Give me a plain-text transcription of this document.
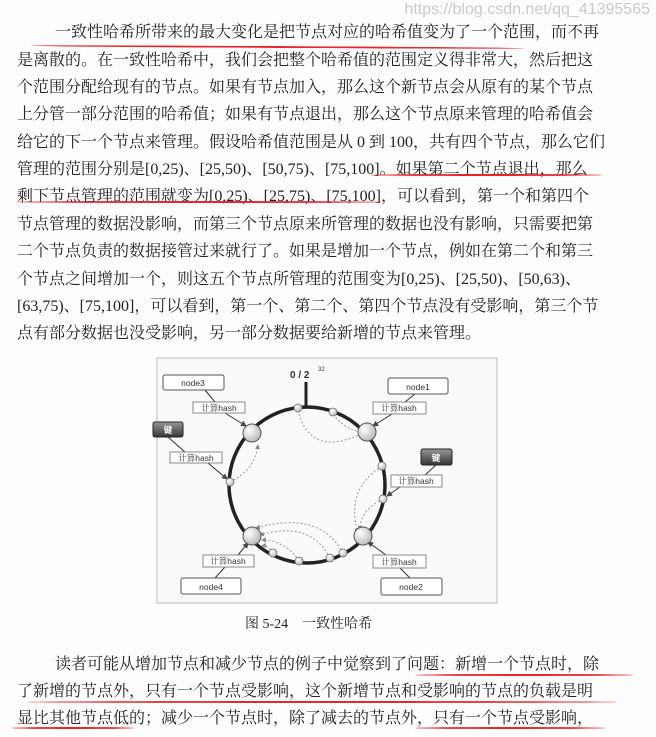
一致性哈希所带来的最大变化是把节点对应的哈希值变为了一个范围，而不再
是离散的。在一致性哈希中，我们会把整个哈希值的范围定义得非常大，然后把这
个范围分配给现有的节点。如果有节点加入，那么这个新节点会从原有的某个节点
上分管一部分范围的哈希值；如果有节点退出，那么这个节点原来管理的哈希值会
给它的下一个节点来管理。假设哈希值范围是从 0 到 100，共有四个节点，那么它们
管理的范围分别是[0,25)、[25,50)、[50,75)、[75,100]。如果第二个节点退出，那么
剩下节点管理的范围就变为[0,25)、[25,75)、[75,100]，可以看到，第一个和第四个
节点管理的数据没影响，而第三个节点原来所管理的数据也没有影响，只需要把第
二个节点负责的数据接管过来就行了。如果是增加一个节点，例如在第二个和第三
个节点之间增加一个，则这五个节点所管理的范围变为[0,25)、[25,50)、[50,63)、
[63,75)、[75,100]，可以看到，第一个、第二个、第四个节点没有受影响，第三个节
点有部分数据也没受影响，另一部分数据要给新增的节点来管理。
0 / 2 32
node3	node1
node2
node4
计算hash	计算hash
计算hash
计算hash
计算hash	计算hash
键
键
图 5-24　一致性哈希
读者可能从增加节点和减少节点的例子中觉察到了问题：新增一个节点时，除
了新增的节点外，只有一个节点受影响，这个新增节点和受影响的节点的负载是明
显比其他节点低的；减少一个节点时，除了减去的节点外，只有一个节点受影响，
https://blog.csdn.net/qq_41395565
